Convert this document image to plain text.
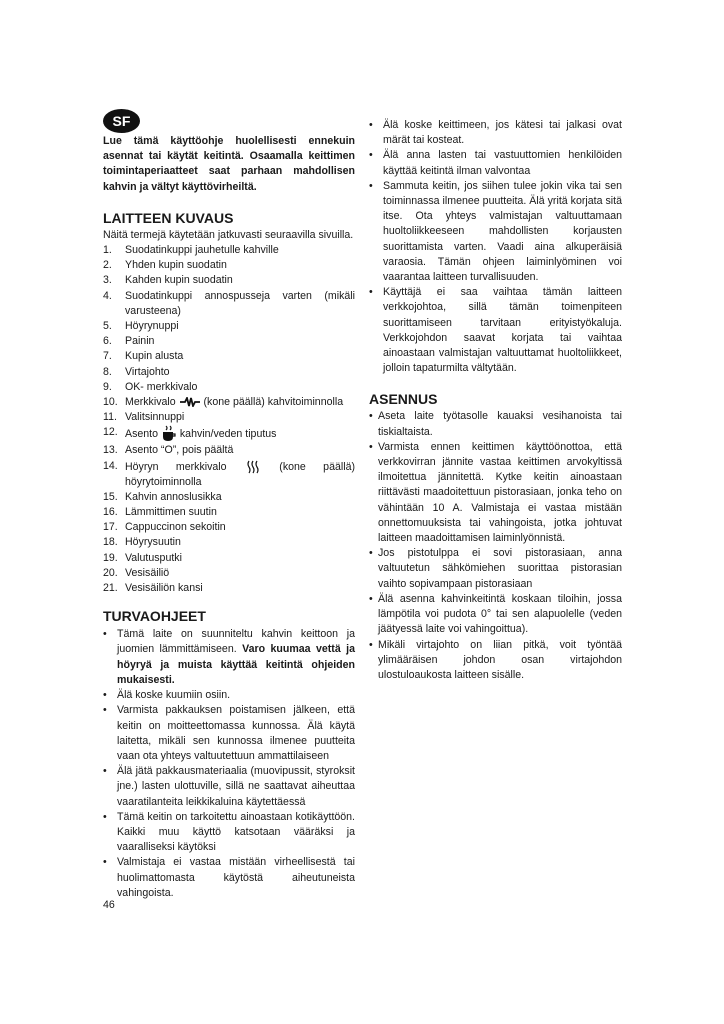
SF

Lue tämä käyttöohje huolellisesti ennekuin asennat tai käytät keitintä. Osaamalla keittimen toimintaperiaatteet saat parhaan mahdollisen kahvin ja vältyt käyttövirheiltä.

LAITTEEN KUVAUS

Näitä termejä käytetään jatkuvasti seuraavilla sivuilla.

1.	Suodatinkuppi jauhetulle kahville
2.	Yhden kupin suodatin
3.	Kahden kupin suodatin
4.	Suodatinkuppi annospusseja varten (mikäli varusteena)
5.	Höyrynuppi
6.	Painin
7.	Kupin alusta
8.	Virtajohto
9.	OK- merkkivalo
10. Merkkivalo  (kone päällä) kahvitoiminnolla
11. Valitsinnuppi
12. Asento  kahvin/veden tiputus
13. Asento “O”, pois päältä
14. Höyryn merkkivalo  (kone päällä) höyrytoiminnolla
15. Kahvin annoslusikka
16. Lämmittimen suutin
17. Cappuccinon sekoitin
18. Höyrysuutin
19. Valutusputki
20. Vesisäiliö
21. Vesisäiliön kansi
TURVAOHJEET
• Tämä laite on suunniteltu kahvin keittoon ja juomien lämmittämiseen. Varo kuumaa vettä ja höyryä ja muista käyttää keitintä ohjeiden mukaisesti.
• Älä koske kuumiin osiin.
• Varmista pakkauksen poistamisen jälkeen, että keitin on moitteettomassa kunnossa. Älä käytä laitetta, mikäli sen kunnossa ilmenee puutteita vaan ota yhteys valtuutettuun ammattilaiseen
• Älä jätä pakkausmateriaalia (muovipussit, styroksit jne.) lasten ulottuville, sillä ne saattavat aiheuttaa vaaratilanteita leikkikaluina käytettäessä
• Tämä keitin on tarkoitettu ainoastaan kotikäyttöön. Kaikki muu käyttö katsotaan vääräksi ja vaaralliseksi käytöksi
• Valmistaja ei vastaa mistään virheellisestä tai huolimattomasta käytöstä aiheutuneista vahingoista.
• Älä koske keittimeen, jos kätesi tai jalkasi ovat märät tai kosteat.
• Älä anna lasten tai vastuuttomien henkilöiden käyttää keitintä ilman valvontaa
• Sammuta keitin, jos siihen tulee jokin vika tai sen toiminnassa ilmenee puutteita. Älä yritä korjata sitä itse. Ota yhteys valmistajan valtuuttamaan huoltoliikkeeseen mahdollisten korjausten suorittamista varten. Vaadi aina alkuperäisiä varaosia. Tämän ohjeen laiminlyöminen voi vaarantaa laitteen turvallisuuden.
• Käyttäjä ei saa vaihtaa tämän laitteen verkkojohtoa, sillä tämän toimenpiteen suorittamiseen tarvitaan erityistyökaluja. Verkkojohdon saavat korjata tai vaihtaa ainoastaan valmistajan valtuuttamat huoltoliikkeet, jolloin tapaturmilta vältytään.
ASENNUS
• Aseta laite työtasolle kauaksi vesihanoista tai tiskialtaista.
• Varmista ennen keittimen käyttöönottoa, että verkkovirran jännite vastaa keittimen arvokyltissä ilmoitettua jännitettä. Kytke keitin ainoastaan riittävästi maadoitettuun pistorasiaan, jonka teho on vähintään 10 A. Valmistaja ei vastaa mistään onnettomuuksista tai vahingoista, jotka johtuvat laitteen maadoittamisen laiminlyönnistä.
• Jos pistotulppa ei sovi pistorasiaan, anna valtuutetun sähkömiehen suorittaa pistorasian vaihto sopivampaan pistorasiaan
• Älä asenna kahvinkeitintä koskaan tiloihin, jossa lämpötila voi pudota 0° tai sen alapuolelle (veden jäätyessä laite voi vahingoittua).
• Mikäli virtajohto on liian pitkä, voit työntää ylimääräisen johdon osan virtajohdon ulostuloaukosta laitteen sisälle.
46
